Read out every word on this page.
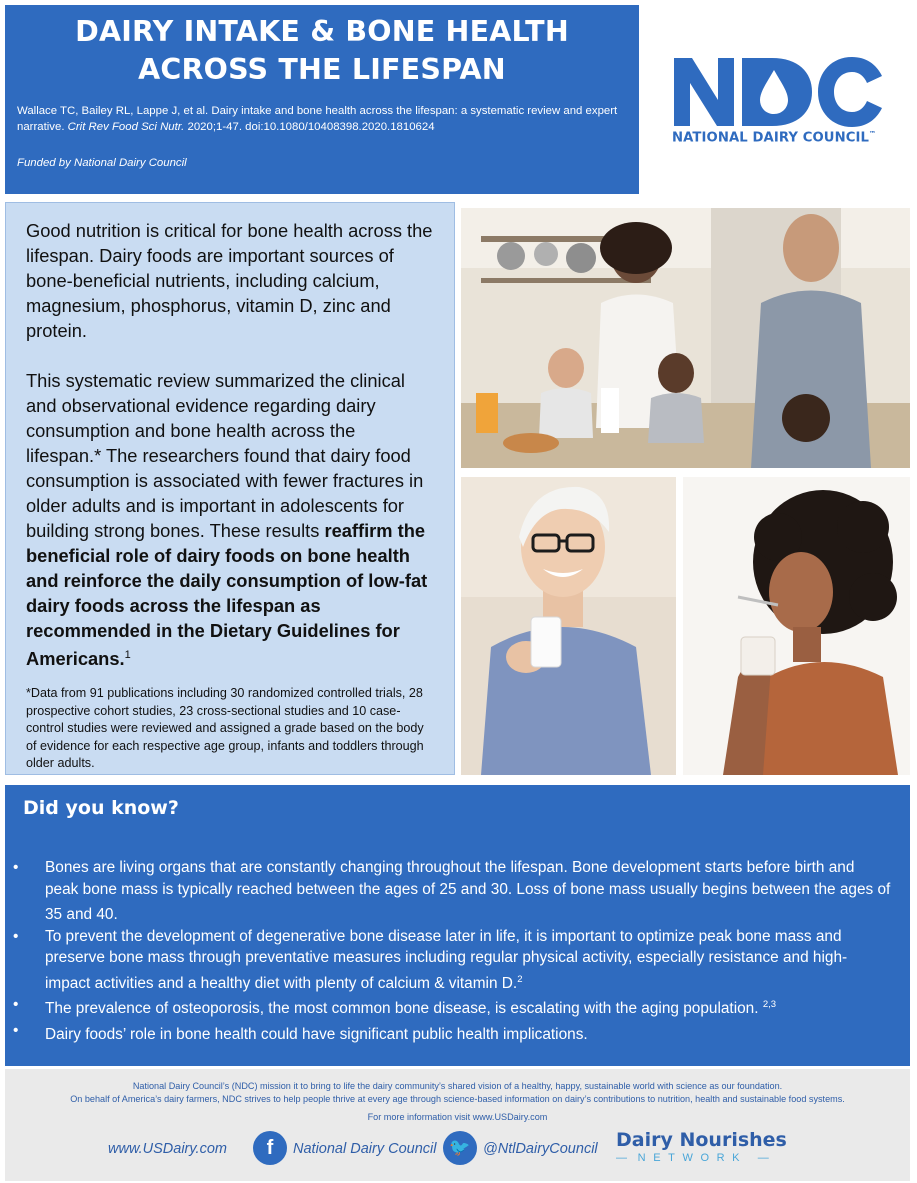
DAIRY INTAKE & BONE HEALTH ACROSS THE LIFESPAN
Wallace TC, Bailey RL, Lappe J, et al. Dairy intake and bone health across the lifespan: a systematic review and expert narrative. Crit Rev Food Sci Nutr. 2020;1-47. doi:10.1080/10408398.2020.1810624
Funded by National Dairy Council
NATIONAL DAIRY COUNCIL™

Good nutrition is critical for bone health across the lifespan. Dairy foods are important sources of bone-beneficial nutrients, including calcium, magnesium, phosphorus, vitamin D, zinc and protein.

This systematic review summarized the clinical and observational evidence regarding dairy consumption and bone health across the lifespan.* The researchers found that dairy food consumption is associated with fewer fractures in older adults and is important in adolescents for building strong bones. These results reaffirm the beneficial role of dairy foods on bone health and reinforce the daily consumption of low-fat dairy foods across the lifespan as recommended in the Dietary Guidelines for Americans.$^1$

*Data from 91 publications including 30 randomized controlled trials, 28 prospective cohort studies, 23 cross-sectional studies and 10 case-control studies were reviewed and assigned a grade based on the body of evidence for each respective age group, infants and toddlers through older adults.

Did you know?
• Bones are living organs that are constantly changing throughout the lifespan. Bone development starts before birth and peak bone mass is typically reached between the ages of 25 and 30. Loss of bone mass usually begins between the ages of 35 and 40.
• To prevent the development of degenerative bone disease later in life, it is important to optimize peak bone mass and preserve bone mass through preventative measures including regular physical activity, especially resistance and high-impact activities and a healthy diet with plenty of calcium & vitamin D.$^2$
• The prevalence of osteoporosis, the most common bone disease, is escalating with the aging population. $^{2,3}$
• Dairy foods’ role in bone health could have significant public health implications.
National Dairy Council’s (NDC) mission it to bring to life the dairy community’s shared vision of a healthy, happy, sustainable world with science as our foundation.
On behalf of America’s dairy farmers, NDC strives to help people thrive at every age through science-based information on dairy’s contributions to nutrition, health and sustainable food systems.
For more information visit www.USDairy.com
www.USDairy.com	f	National Dairy Council 🐦 @NtlDairyCouncil Dairy Nourishes
— NETWORK —
